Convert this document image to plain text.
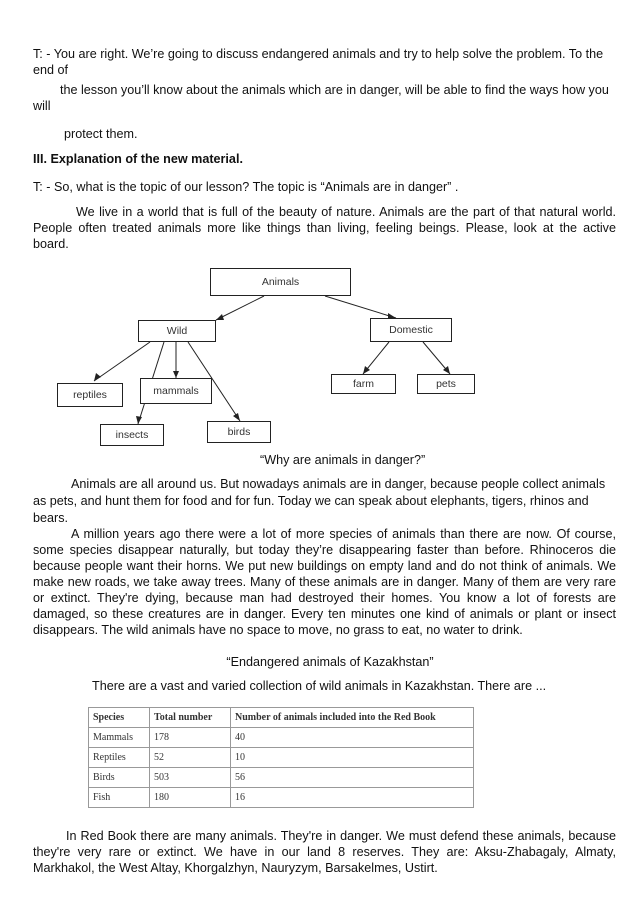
T: - You are right. We’re going to discuss endangered animals and try to help solve the problem. To the end of

the lesson you’ll know about the animals which are in danger, will be able to find the ways how you will

protect them.

III. Explanation of the new material.

T: - So, what is the topic of our lesson? The topic is “Animals are in danger” .

We live in a world that is full of the beauty of nature. Animals are the part of that natural world. People often treated animals more like things than living, feeling beings. Please, look at the active board.

Animals
Wild	Domestic
reptiles	mammals
insects	birds
farm	pets

“Why are animals in danger?”

Animals are all around us. But nowadays animals are in danger, because people collect animals as pets, and hunt them for food and for fun. Today we can speak about elephants, tigers, rhinos and bears.

A million years ago there were a lot of more species of animals than there are now. Of course, some species disappear naturally, but today they’re disappearing faster than before. Rhinoceros die because people want their horns. We put new buildings on empty land and do not think of animals. We make new roads, we take away trees. Many of these animals are in danger. Many of them are very rare or extinct. They're dying, because man had destroyed their homes. You know a lot of forests are damaged, so these creatures are in danger. Every ten minutes one kind of animals or plant or insect disappears. The wild animals have no space to move, no grass to eat, no water to drink.

“Endangered animals of Kazakhstan”

There are a vast and varied collection of wild animals in Kazakhstan. There are ...

Species	Total number	Number of animals included into the Red Book
Mammals	178	40
Reptiles	52	10
Birds	503	56
Fish	180	16

In Red Book there are many animals. They're in danger. We must defend these animals, because they're very rare or extinct. We have in our land 8 reserves. They are: Aksu-Zhabagaly, Almaty, Markhakol, the West Altay, Khorgalzhyn, Nauryzym, Barsakelmes, Ustirt.
